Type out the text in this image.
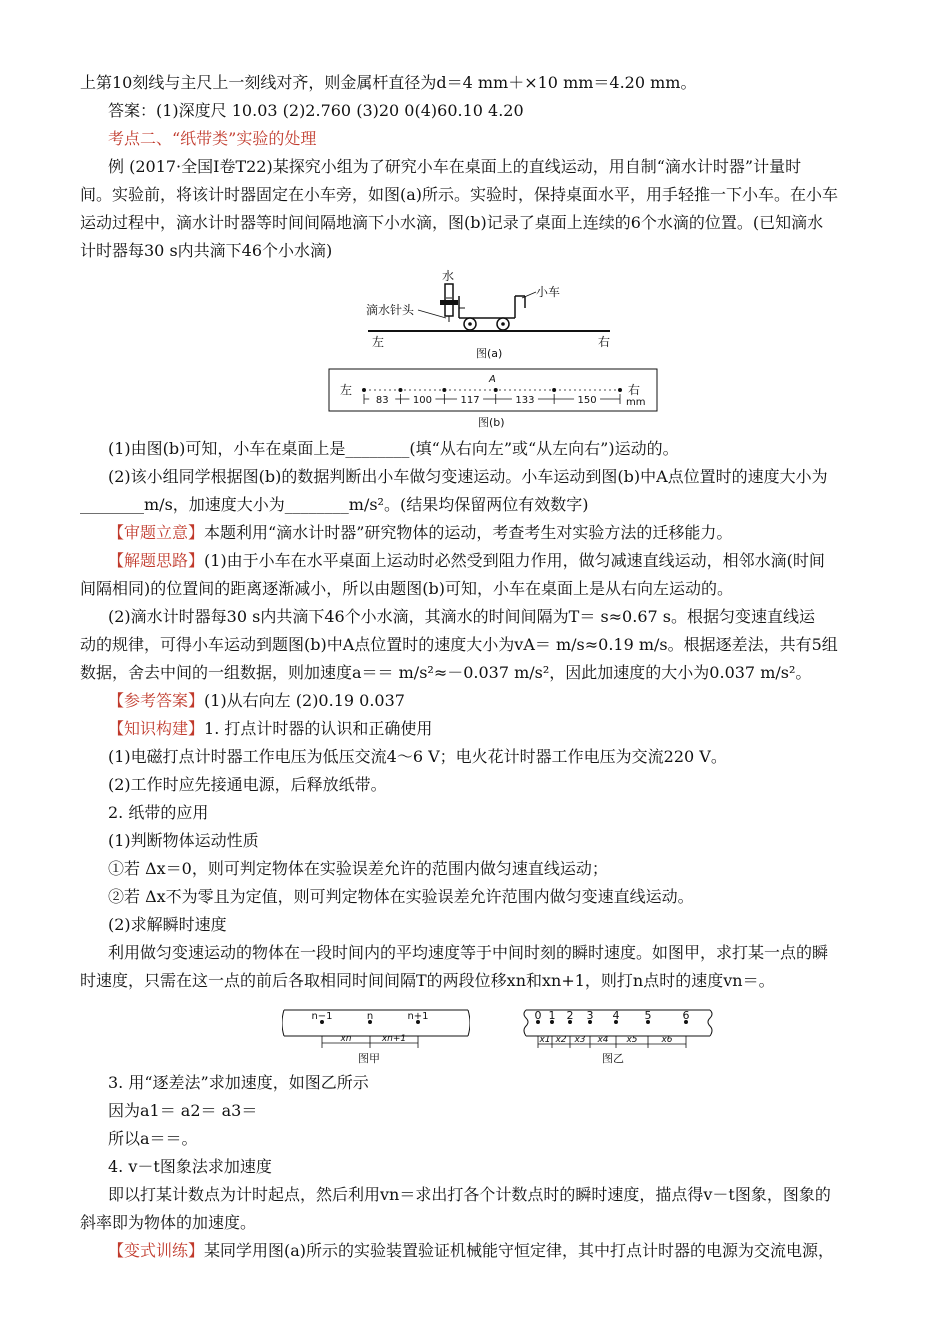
上第10刻线与主尺上一刻线对齐，则金属杆直径为d＝4 mm＋×10 mm＝4.20 mm。
答案：(1)深度尺 10.03 (2)2.760 (3)20 0(4)60.10 4.20
考点二、“纸带类”实验的处理
例 (2017·全国Ⅰ卷T22)某探究小组为了研究小车在桌面上的直线运动，用自制“滴水计时器”计量时
间。实验前，将该计时器固定在小车旁，如图(a)所示。实验时，保持桌面水平，用手轻推一下小车。在小车
运动过程中，滴水计时器等时间间隔地滴下小水滴，图(b)记录了桌面上连续的6个水滴的位置。(已知滴水
计时器每30 s内共滴下46个小水滴)
水
小车
滴水针头
左	右
图(a)
左	右
mm
A
83 100	117	133	150
图(b)
(1)由图(b)可知，小车在桌面上是________(填“从右向左”或“从左向右”)运动的。
(2)该小组同学根据图(b)的数据判断出小车做匀变速运动。小车运动到图(b)中A点位置时的速度大小为
________m/s，加速度大小为________m/s²。(结果均保留两位有效数字)
【审题立意】本题利用“滴水计时器”研究物体的运动，考查考生对实验方法的迁移能力。
【解题思路】(1)由于小车在水平桌面上运动时必然受到阻力作用，做匀减速直线运动，相邻水滴(时间
间隔相同)的位置间的距离逐渐减小，所以由题图(b)可知，小车在桌面上是从右向左运动的。
(2)滴水计时器每30 s内共滴下46个小水滴，其滴水的时间间隔为T＝ s≈0.67 s。根据匀变速直线运
动的规律，可得小车运动到题图(b)中A点位置时的速度大小为vA＝ m/s≈0.19 m/s。根据逐差法，共有5组
数据，舍去中间的一组数据，则加速度a＝＝ m/s²≈－0.037 m/s²，因此加速度的大小为0.037 m/s²。
【参考答案】(1)从右向左 (2)0.19 0.037
【知识构建】1. 打点计时器的认识和正确使用
(1)电磁打点计时器工作电压为低压交流4～6 V；电火花计时器工作电压为交流220 V。
(2)工作时应先接通电源，后释放纸带。
2. 纸带的应用
(1)判断物体运动性质
①若 Δx＝0，则可判定物体在实验误差允许的范围内做匀速直线运动；
②若 Δx不为零且为定值，则可判定物体在实验误差允许范围内做匀变速直线运动。
(2)求解瞬时速度
利用做匀变速运动的物体在一段时间内的平均速度等于中间时刻的瞬时速度。如图甲，求打某一点的瞬
时速度，只需在这一点的前后各取相同时间间隔T的两段位移xn和xn+1，则打n点时的速度vn＝。
n−1	n	n+1
xn	xn+1
图甲
0 1 2 3 4 5	6
x1 x2 x3 x4 x5	x6
图乙
3. 用“逐差法”求加速度，如图乙所示
因为a1＝ a2＝ a3＝
所以a＝＝。
4. v－t图象法求加速度
即以打某计数点为计时起点，然后利用vn＝求出打各个计数点时的瞬时速度，描点得v－t图象，图象的
斜率即为物体的加速度。
【变式训练】某同学用图(a)所示的实验装置验证机械能守恒定律，其中打点计时器的电源为交流电源，
